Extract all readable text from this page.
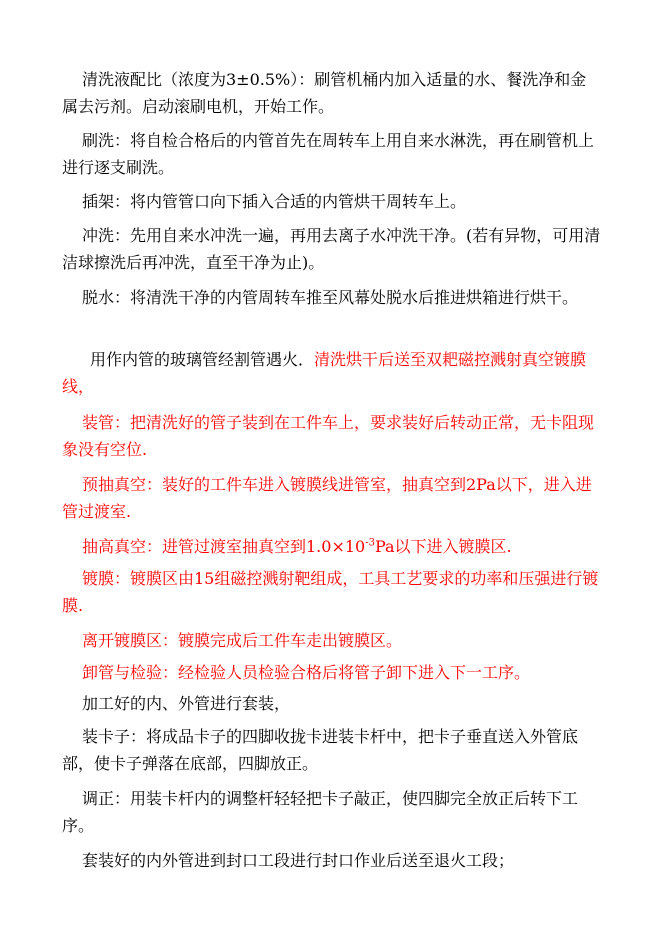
清洗液配比（浓度为3±0.5%）：刷管机桶内加入适量的水、餐洗净和金属去污剂。启动滚刷电机，开始工作。

刷洗：将自检合格后的内管首先在周转车上用自来水淋洗，再在刷管机上进行逐支刷洗。

插架：将内管管口向下插入合适的内管烘干周转车上。

冲洗：先用自来水冲洗一遍，再用去离子水冲洗干净。(若有异物，可用清洁球擦洗后再冲洗，直至干净为止)。

脱水：将清洗干净的内管周转车推至风幕处脱水后推进烘箱进行烘干。

用作内管的玻璃管经割管遇火．清洗烘干后送至双耙磁控溅射真空镀膜线，

装管：把清洗好的管子装到在工件车上，要求装好后转动正常，无卡阻现象没有空位.

预抽真空：装好的工件车进入镀膜线进管室，抽真空到2Pa以下，进入进管过渡室.

抽高真空：进管过渡室抽真空到$1.0\times 10^{-3}Pa$以下进入镀膜区.

镀膜：镀膜区由15组磁控溅射靶组成，工具工艺要求的功率和压强进行镀膜.

离开镀膜区：镀膜完成后工件车走出镀膜区。

卸管与检验：经检验人员检验合格后将管子卸下进入下一工序。

加工好的内、外管进行套装，

装卡子：将成品卡子的四脚收拢卡进装卡杆中，把卡子垂直送入外管底部，使卡子弹落在底部，四脚放正。

调正：用装卡杆内的调整杆轻轻把卡子敲正，使四脚完全放正后转下工序。

套装好的内外管进到封口工段进行封口作业后送至退火工段；
